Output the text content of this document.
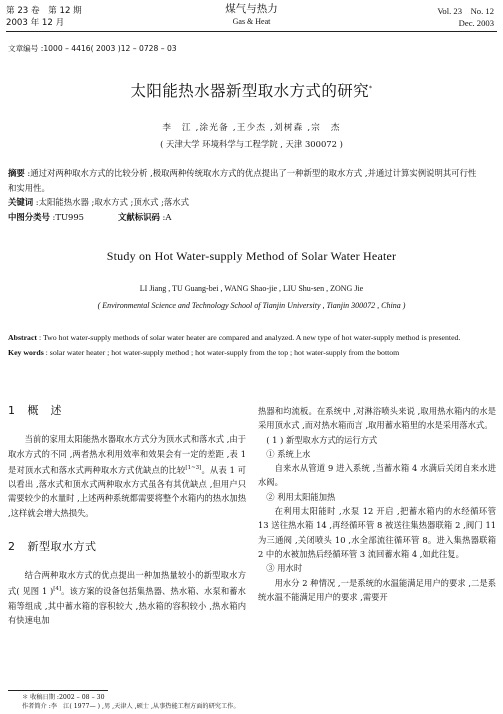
第 23 卷　第 12 期
2003 年 12 月
煤气与热力
Gas & Heat
Vol. 23　No. 12
Dec. 2003
文章编号 :1000 – 4416( 2003 )12 – 0728 – 03
太阳能热水器新型取水方式的研究*
李　江 ,涂光备 ,王少杰 ,刘树森 ,宗　杰
( 天津大学 环境科学与工程学院 , 天津 300072 )
摘要 :通过对两种取水方式的比较分析 ,极取两种传统取水方式的优点提出了一种新型的取水方式 ,并通过计算实例说明其可行性和实用性。
关键词 :太阳能热水器 ;取水方式 ;顶水式 ;落水式
中图分类号 :TU995	文献标识码 :A
Study on Hot Water-supply Method of Solar Water Heater
LI Jiang , TU Guang-bei , WANG Shao-jie , LIU Shu-sen , ZONG Jie
( Environmental Science and Technology School of Tianjin University , Tianjin 300072 , China )
Abstract : Two hot water-supply methods of solar water heater are compared and analyzed. A new type of hot water-supply method is presented.
Key words : solar water heater ; hot water-supply method ; hot water-supply from the top ; hot water-supply from the bottom
1 概　述

当前的家用太阳能热水器取水方式分为顶水式和落水式 ,由于取水方式的不同 ,两者热水利用效率和效果会有一定的差距 ,表 1 是对顶水式和落水式两种取水方式优缺点的比较[1~3]。从表 1 可以看出 ,落水式和顶水式两种取水方式虽各有其优缺点 ,但用户只需要较少的水量时 ,上述两种系统都需要将整个水箱内的热水加热 ,这样就会增大热损失。

2 新型取水方式

结合两种取水方式的优点提出一种加热量较小的新型取水方式( 见图 1 )[4]。该方案的设备包括集热器、热水箱、水泵和蓄水箱等组成 ,其中蓄水箱的容积较大 ,热水箱的容积较小 ,热水箱内有快速电加

热器和均流板。在系统中 ,对淋浴喷头来说 ,取用热水箱内的水是采用顶水式 ,而对热水箱而言 ,取用蓄水箱里的水是采用落水式。

( 1 ) 新型取水方式的运行方式

① 系统上水

自来水从管道 9 进入系统 ,当蓄水箱 4 水满后关闭自来水进水阀。

② 利用太阳能加热

在利用太阳能时 ,水泵 12 开启 ,把蓄水箱内的水经循环管 13 送往热水箱 14 ,再经循环管 8 被送往集热器联箱 2 ,阀门 11 为三通阀 ,关闭喷头 10 ,水全部流往循环管 8。进入集热器联箱 2 中的水被加热后经循环管 3 流回蓄水箱 4 ,如此往复。

③ 用水时

用水分 2 种情况 ,一是系统的水温能满足用户的要求 ,二是系统水温不能满足用户的要求 ,需要开

＊ 收稿日期 :2002 – 08 – 30
作者简介 :李　江( 1977— ) ,男 ,天津人 ,硕士 ,从事热能工程方面的研究工作。
